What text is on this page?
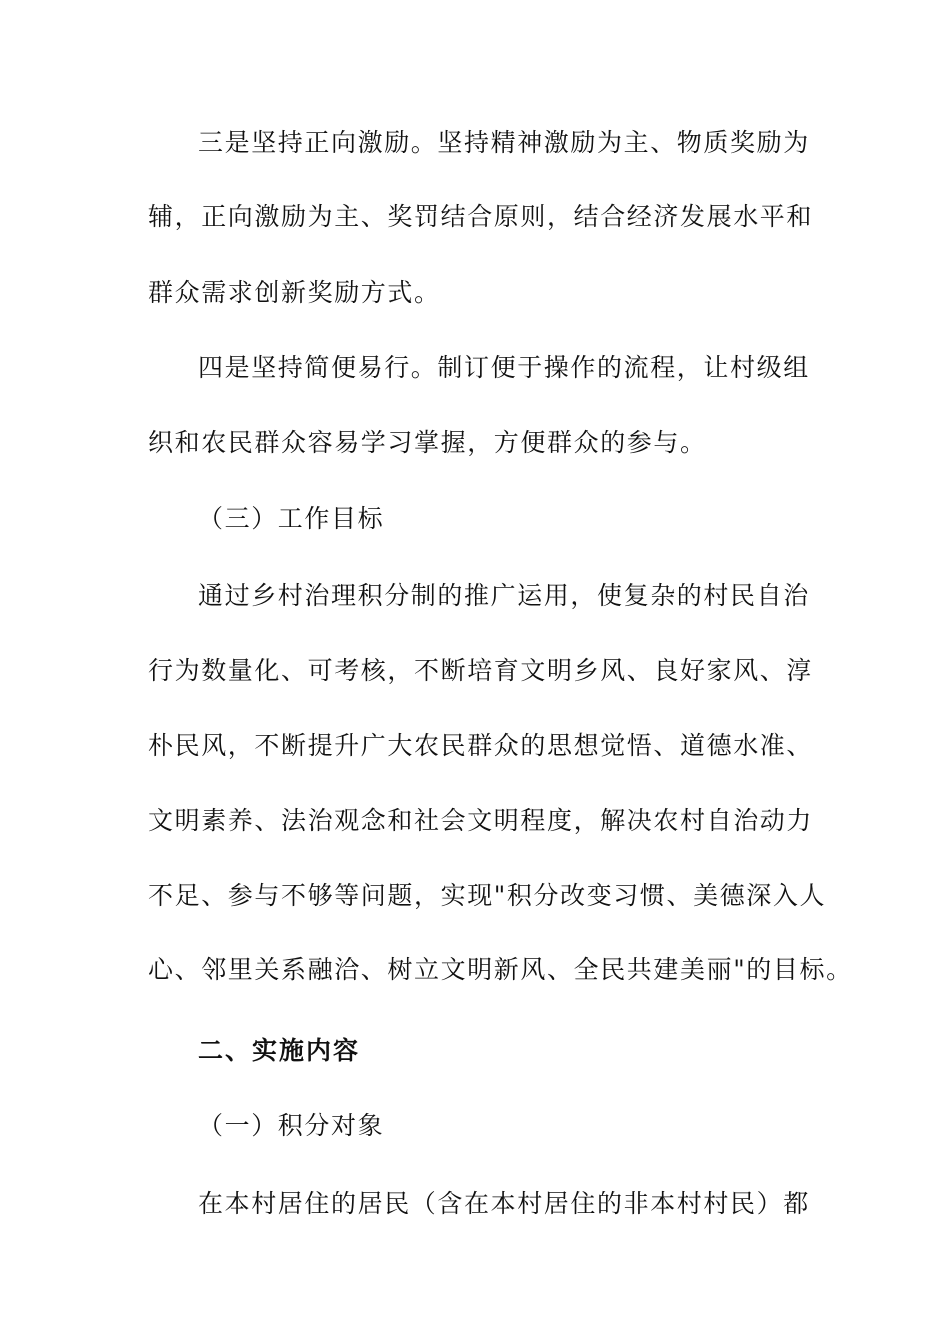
三是坚持正向激励。坚持精神激励为主、物质奖励为
辅，正向激励为主、奖罚结合原则，结合经济发展水平和
群众需求创新奖励方式。
四是坚持简便易行。制订便于操作的流程，让村级组
织和农民群众容易学习掌握，方便群众的参与。
（三）工作目标
通过乡村治理积分制的推广运用，使复杂的村民自治
行为数量化、可考核，不断培育文明乡风、良好家风、淳
朴民风，不断提升广大农民群众的思想觉悟、道德水准、
文明素养、法治观念和社会文明程度，解决农村自治动力
不足、参与不够等问题，实现"积分改变习惯、美德深入人
心、邻里关系融洽、树立文明新风、全民共建美丽"的目标。
二、实施内容
（一）积分对象
在本村居住的居民（含在本村居住的非本村村民）都
